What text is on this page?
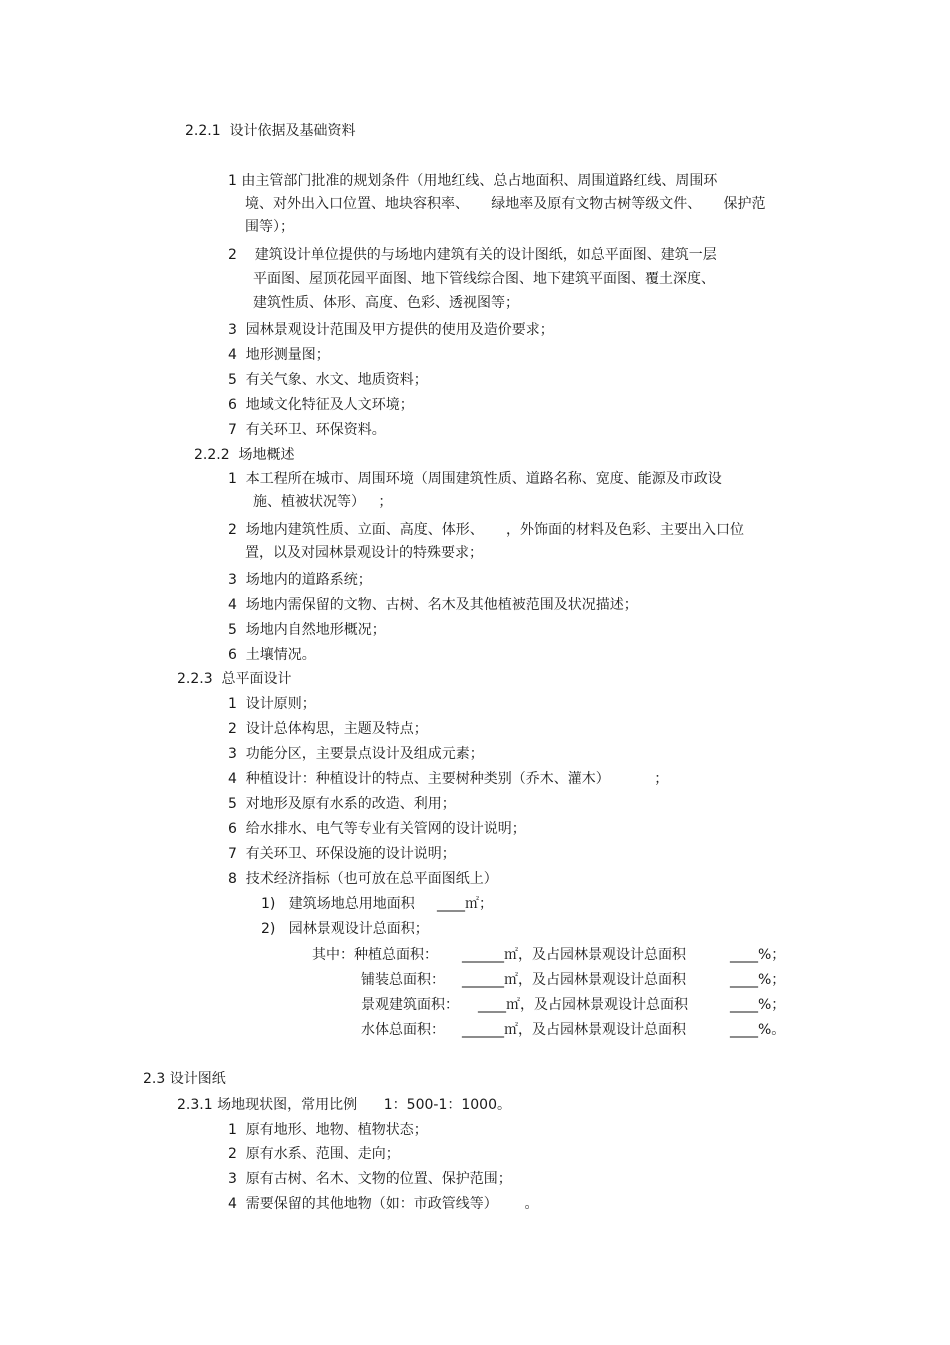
2.2.1  设计依据及基础资料
1 由主管部门批准的规划条件（用地红线、总占地面积、周围道路红线、周围环
境、对外出入口位置、地块容积率、     绿地率及原有文物古树等级文件、     保护范
围等）；
2    建筑设计单位提供的与场地内建筑有关的设计图纸，如总平面图、建筑一层
平面图、屋顶花园平面图、地下管线综合图、地下建筑平面图、覆土深度、
建筑性质、体形、高度、色彩、透视图等；
3  园林景观设计范围及甲方提供的使用及造价要求；
4  地形测量图；
5  有关气象、水文、地质资料；
6  地域文化特征及人文环境；
7  有关环卫、环保资料。
2.2.2  场地概述
1  本工程所在城市、周围环境（周围建筑性质、道路名称、宽度、能源及市政设
施、植被状况等）   ；
2  场地内建筑性质、立面、高度、体形、     ，外饰面的材料及色彩、主要出入口位
置，以及对园林景观设计的特殊要求；
3  场地内的道路系统；
4  场地内需保留的文物、古树、名木及其他植被范围及状况描述；
5  场地内自然地形概况；
6  土壤情况。
2.2.3  总平面设计
1  设计原则；
2  设计总体构思，主题及特点；
3  功能分区，主要景点设计及组成元素；
4  种植设计：种植设计的特点、主要树种类别（乔木、灌木）          ；
5  对地形及原有水系的改造、利用；
6  给水排水、电气等专业有关管网的设计说明；
7  有关环卫、环保设施的设计说明；
8  技术经济指标（也可放在总平面图纸上）
1)   建筑场地总用地面积     ____㎡；
2)   园林景观设计总面积；
其中：种植总面积： ______㎡，及占园林景观设计总面积	____%；
铺装总面积： ______㎡，及占园林景观设计总面积	____%；
景观建筑面积： ____㎡，及占园林景观设计总面积	____%；
水体总面积： ______㎡，及占园林景观设计总面积	____%。
2.3 设计图纸
2.3.1 场地现状图，常用比例      1：500-1：1000。
1  原有地形、地物、植物状态；
2  原有水系、范围、走向；
3  原有古树、名木、文物的位置、保护范围；
4  需要保留的其他地物（如：市政管线等）      。
